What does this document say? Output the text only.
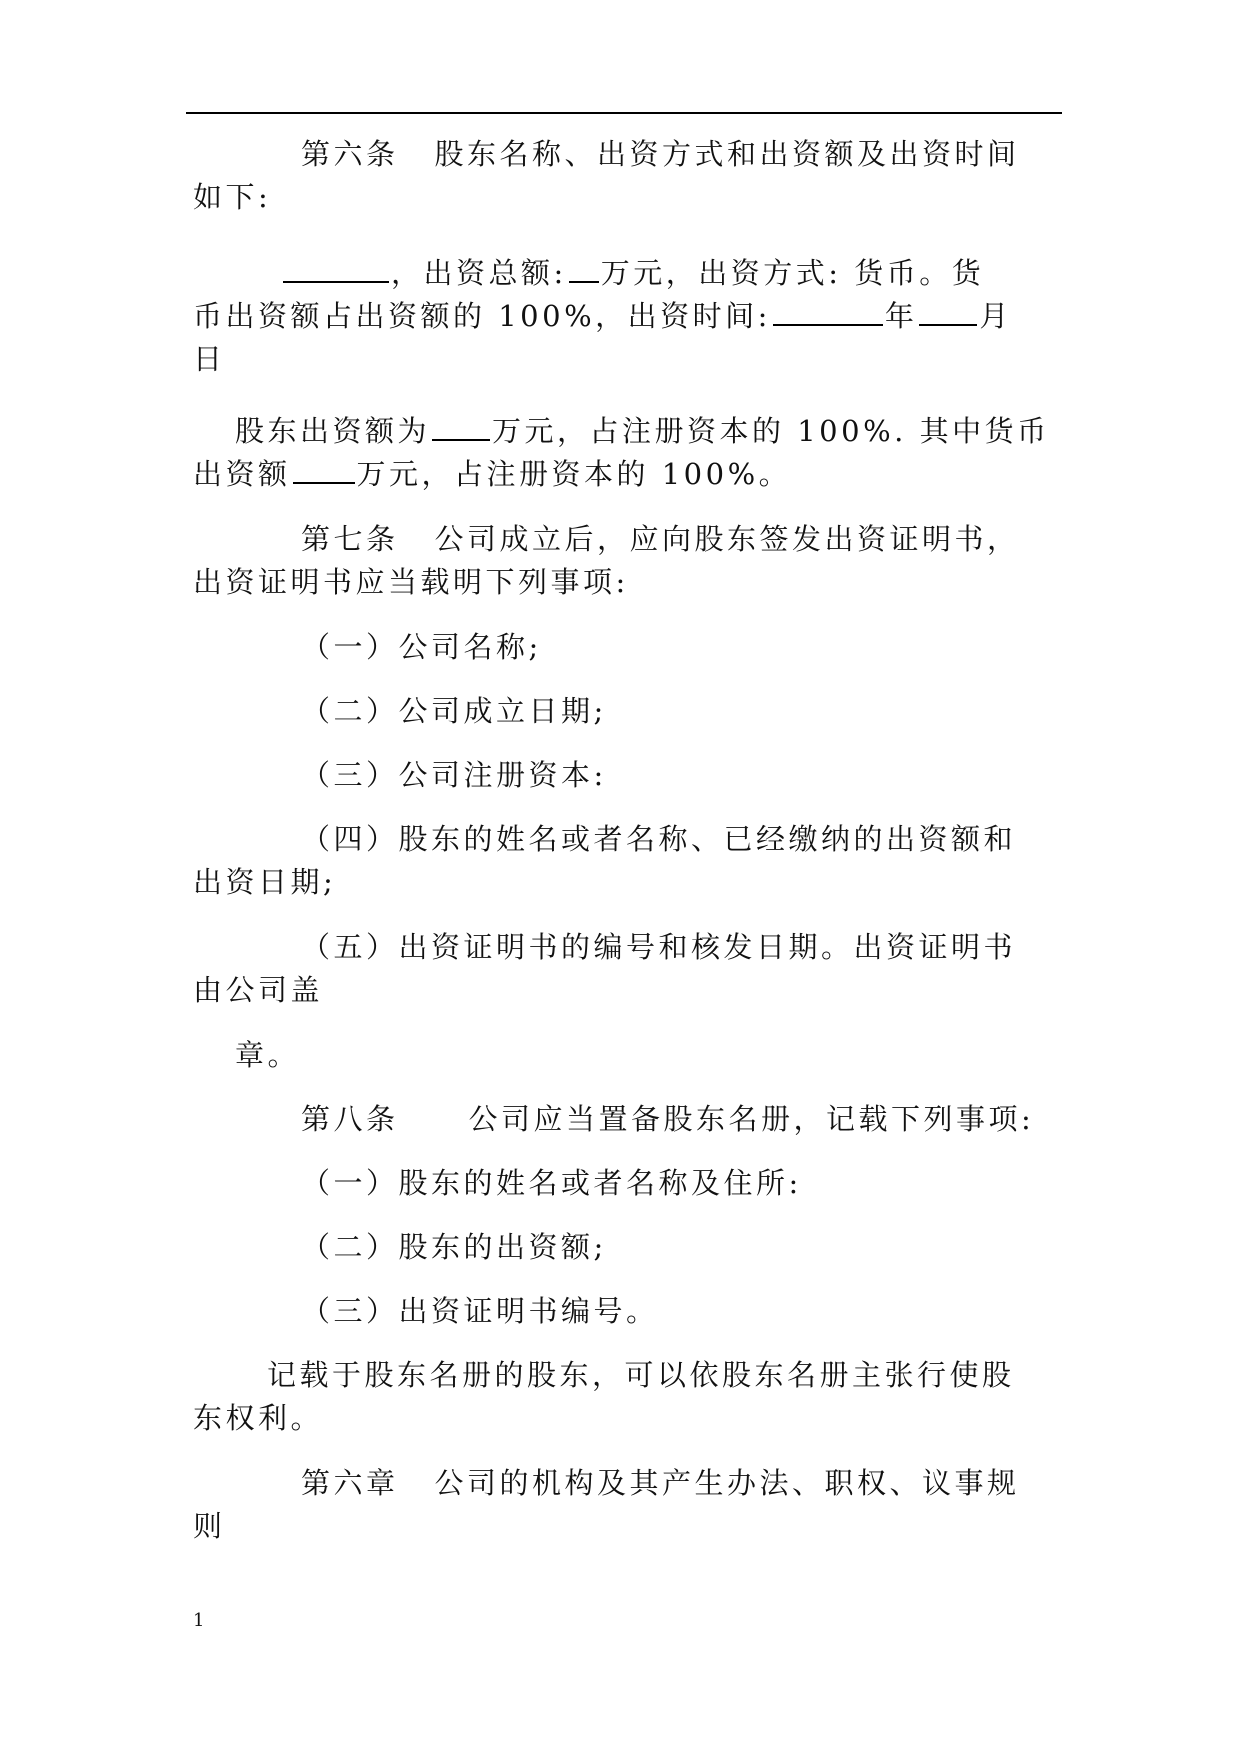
第六条 股东名称、出资方式和出资额及出资时间
如下:
，出资总额: 万元，出资方式: 货币。货
币出资额占出资额的 100%，出资时间:	年 月
日
股东出资额为 万元，占注册资本的 100%. 其中货币
出资额 万元，占注册资本的 100%。
第七条 公司成立后，应向股东签发出资证明书，
出资证明书应当载明下列事项:
（一）公司名称;
（二）公司成立日期;
（三）公司注册资本:
（四）股东的姓名或者名称、已经缴纳的出资额和
出资日期;
（五）出资证明书的编号和核发日期。出资证明书
由公司盖
章。
第八条 公司应当置备股东名册，记载下列事项:
（一）股东的姓名或者名称及住所:
（二）股东的出资额;
（三）出资证明书编号。
记载于股东名册的股东，可以依股东名册主张行使股
东权利。
第六章 公司的机构及其产生办法、职权、议事规
则
1
